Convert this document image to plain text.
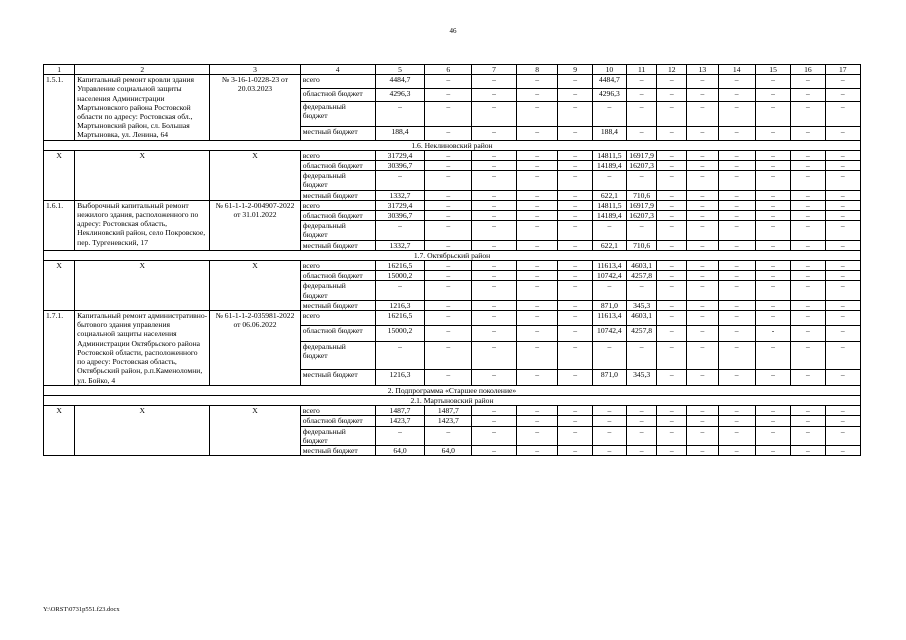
46
1	2	3	4	5	6	7	8	9	10	11	12	13	14	15	16	17
1.5.1.	Капитальный ремонт кровли здания Управление социальной защиты населения Администрации Мартыновского района Ростовской области по адресу: Ростовская обл., Мартыновский район, сл. Большая Мартыновка, ул. Ленина, 64	№ 3-16-1-0228-23 от 20.03.2023	всего	4484,7	–	–	–	–	4484,7	–	–	–	–	–	–	–
			областной бюджет	4296,3	–	–	–	–	4296,3	–	–	–	–	–	–	–
			федеральный бюджет	–	–	–	–	–	–	–	–	–	–	–	–	–
			местный бюджет	188,4	–	–	–	–	188,4	–	–	–	–	–	–	–
1.6. Неклиновский район																
Х	Х	Х	всего	31729,4	–	–	–	–	14811,5	16917,9	–	–	–	–	–	–
			областной бюджет	30396,7	–	–	–	–	14189,4	16207,3	–	–	–	–	–	–
			федеральный бюджет	–	–	–	–	–	–	–	–	–	–	–	–	–
			местный бюджет	1332,7	–	–	–	–	622,1	710,6	–	–	–	–	–	–
1.6.1.	Выборочный капитальный ремонт нежилого здания, расположенного по адресу: Ростовская область, Неклиновский район, село Покровское, пер. Тургеневский, 17	№ 61-1-1-2-004907-2022 от 31.01.2022	всего	31729,4	–	–	–	–	14811,5	16917,9	–	–	–	–	–	–
			областной бюджет	30396,7	–	–	–	–	14189,4	16207,3	–	–	–	–	–	–
			федеральный бюджет	–	–	–	–	–	–	–	–	–	–	–	–	–
			местный бюджет	1332,7	–	–	–	–	622,1	710,6	–	–	–	–	–	–
1.7. Октябрьский район																
Х	Х	Х	всего	16216,5	–	–	–	–	11613,4	4603,1	–	–	–	–	–	–
			областной бюджет	15000,2	–	–	–	–	10742,4	4257,8	–	–	–	–	–	–
			федеральный бюджет	–	–	–	–	–	–	–	–	–	–	–	–	–
			местный бюджет	1216,3	–	–	–	–	871,0	345,3	–	–	–	–	–	–
1.7.1.	Капитальный ремонт административно-бытового здания управления социальной защиты населения Администрации Октябрьского района Ростовской области, расположенного по адресу: Ростовская область, Октябрьский район, р.п.Каменоломни, ул. Бойко, 4	№ 61-1-1-2-035981-2022 от 06.06.2022	всего	16216,5	–	–	–	–	11613,4	4603,1	–	–	–	–	–	–
			областной бюджет	15000,2	–	–	–	–	10742,4	4257,8	–	–	–	-	–	–
			федеральный бюджет	–	–	–	–	–	–	–	–	–	–	–	–	–
			местный бюджет	1216,3	–	–	–	–	871,0	345,3	–	–	–	–	–	–
2. Подпрограмма «Старшее поколение»																
2.1. Мартыновский район																
Х	Х	Х	всего	1487,7	1487,7	–	–	–	–	–	–	–	–	–	–	–
			областной бюджет	1423,7	1423,7	–	–	–	–	–	–	–	–	–	–	–
			федеральный бюджет	–	–	–	–	–	–	–	–	–	–	–	–	–
			местный бюджет	64,0	64,0	–	–	–	–	–	–	–	–	–	–	–
Y:\ORST\0731p551.f23.docx
